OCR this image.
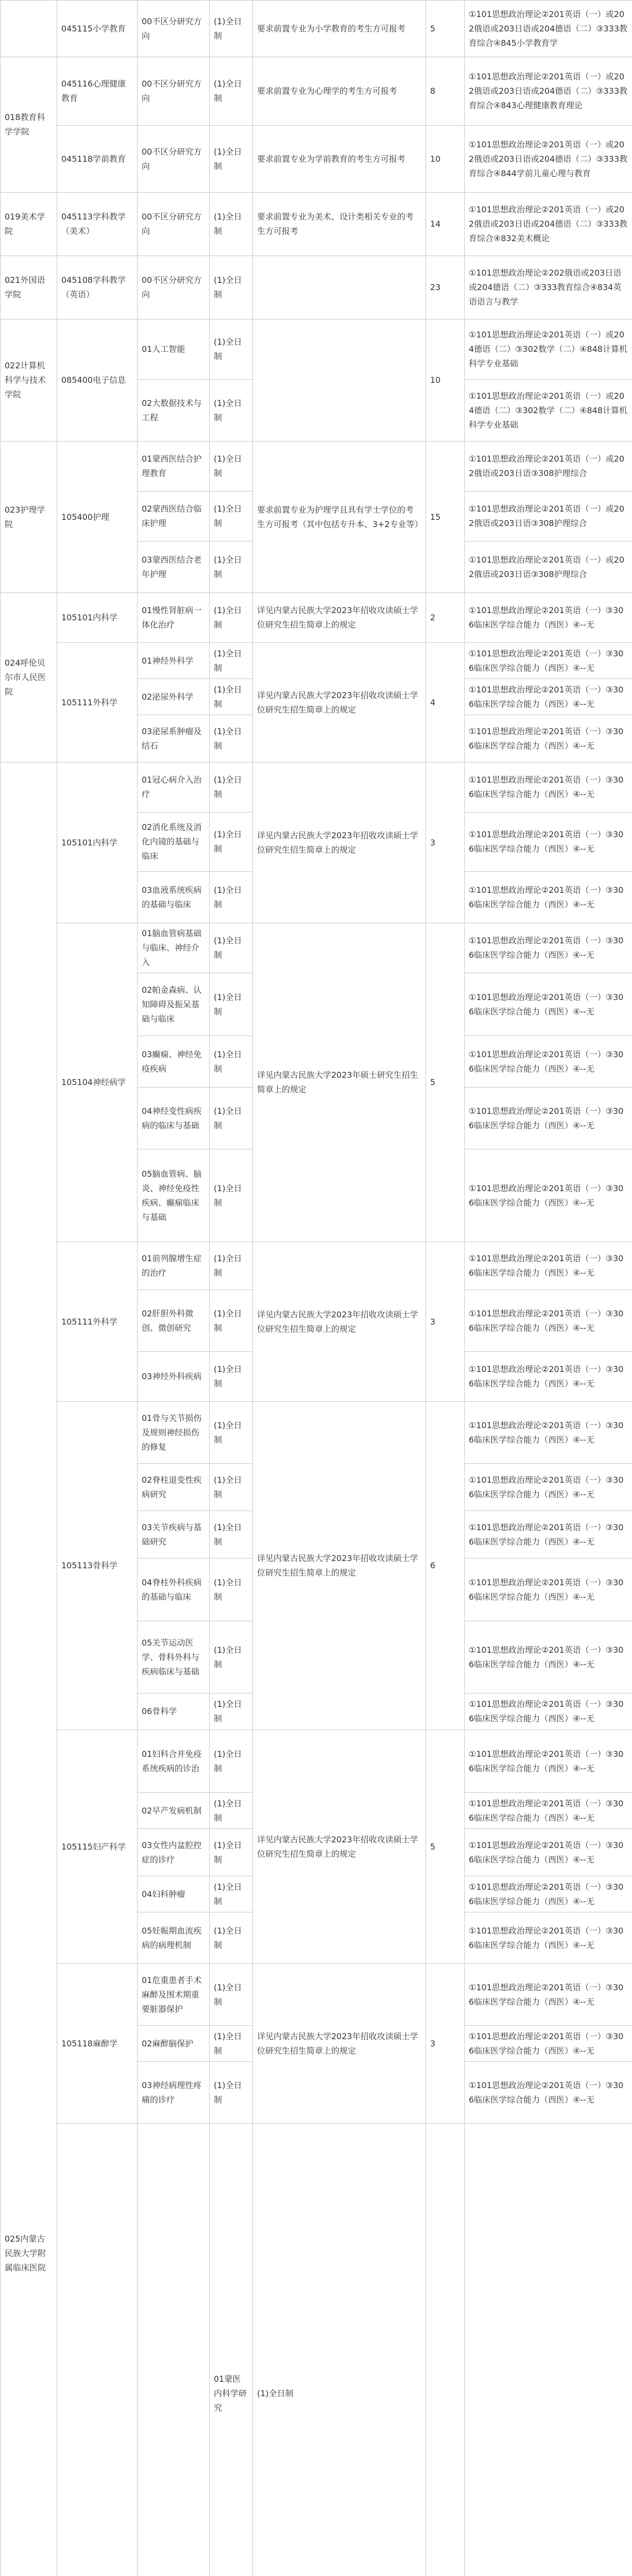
	045115小学教育	00不区分研究方向	(1)全日制	要求前置专业为小学教育的考生方可报考	5	①101思想政治理论②201英语（一）或202俄语或203日语或204德语（二）③333教育综合④845小学教育学	
018教育科学学院	045116心理健康教育	00不区分研究方向	(1)全日制	要求前置专业为心理学的考生方可报考	8	①101思想政治理论②201英语（一）或202俄语或203日语或204德语（二）③333教育综合④843心理健康教育理论	
	045118学前教育	00不区分研究方向	(1)全日制	要求前置专业为学前教育的考生方可报考	10	①101思想政治理论②201英语（一）或202俄语或203日语或204德语（二）③333教育综合④844学前儿童心理与教育	
019美术学院	045113学科教学（美术）	00不区分研究方向	(1)全日制	要求前置专业为美术、设计类相关专业的考生方可报考	14	①101思想政治理论②201英语（一）或202俄语或203日语或204德语（二）③333教育综合④832美术概论	
021外国语学院	045108学科教学（英语）	00不区分研究方向	(1)全日制		23	①101思想政治理论②202俄语或203日语或204德语（二）③333教育综合④834英语语言与教学	
022计算机科学与技术学院	085400电子信息	01人工智能	(1)全日制		10	①101思想政治理论②201英语（一）或204德语（二）③302数学（二）④848计算机科学专业基础	
		02大数据技术与工程	(1)全日制			①101思想政治理论②201英语（一）或204德语（二）③302数学（二）④848计算机科学专业基础	
023护理学院	105400护理	01蒙西医结合护理教育	(1)全日制	要求前置专业为护理学且具有学士学位的考生方可报考（其中包括专升本、3+2专业等）	15	①101思想政治理论②201英语（一）或202俄语或203日语③308护理综合	
		02蒙西医结合临床护理	(1)全日制			①101思想政治理论②201英语（一）或202俄语或203日语③308护理综合	
		03蒙西医结合老年护理	(1)全日制			①101思想政治理论②201英语（一）或202俄语或203日语③308护理综合	
024呼伦贝尔市人民医院	105101内科学	01慢性肾脏病一体化治疗	(1)全日制	详见内蒙古民族大学2023年招收攻读硕士学位研究生招生简章上的规定	2	①101思想政治理论②201英语（一）③306临床医学综合能力（西医）④--无	
	105111外科学	01神经外科学	(1)全日制	详见内蒙古民族大学2023年招收攻读硕士学位研究生招生简章上的规定	4	①101思想政治理论②201英语（一）③306临床医学综合能力（西医）④--无	
		02泌尿外科学	(1)全日制			①101思想政治理论②201英语（一）③306临床医学综合能力（西医）④--无	
		03泌尿系肿瘤及结石	(1)全日制			①101思想政治理论②201英语（一）③306临床医学综合能力（西医）④--无	
025内蒙古民族大学附属临床医院	105101内科学	01冠心病介入治疗	(1)全日制	详见内蒙古民族大学2023年招收攻读硕士学位研究生招生简章上的规定	3	①101思想政治理论②201英语（一）③306临床医学综合能力（西医）④--无	
		02消化系统及消化内镜的基础与临床	(1)全日制			①101思想政治理论②201英语（一）③306临床医学综合能力（西医）④--无	
		03血液系统疾病的基础与临床	(1)全日制			①101思想政治理论②201英语（一）③306临床医学综合能力（西医）④--无	
	105104神经病学	01脑血管病基础与临床、神经介入	(1)全日制	详见内蒙古民族大学2023年硕士研究生招生简章上的规定	5	①101思想政治理论②201英语（一）③306临床医学综合能力（西医）④--无	
		02帕金森病、认知障碍及振呆基础与临床	(1)全日制			①101思想政治理论②201英语（一）③306临床医学综合能力（西医）④--无	
		03癫痫、神经免疫疾病	(1)全日制			①101思想政治理论②201英语（一）③306临床医学综合能力（西医）④--无	
		04神经变性病疾病的临床与基础	(1)全日制			①101思想政治理论②201英语（一）③306临床医学综合能力（西医）④--无	
		05脑血管病、脑炎、神经免疫性疾病、癫痫临床与基础	(1)全日制			①101思想政治理论②201英语（一）③306临床医学综合能力（西医）④--无	
	105111外科学	01前列腺增生症的治疗	(1)全日制	详见内蒙古民族大学2023年招收攻读硕士学位研究生招生简章上的规定	3	①101思想政治理论②201英语（一）③306临床医学综合能力（西医）④--无	
		02肝胆外科微创、微创研究	(1)全日制			①101思想政治理论②201英语（一）③306临床医学综合能力（西医）④--无	
		03神经外科疾病	(1)全日制			①101思想政治理论②201英语（一）③306临床医学综合能力（西医）④--无	
	105113骨科学	01骨与关节损伤及规则神经损伤的修复	(1)全日制	详见内蒙古民族大学2023年招收攻读硕士学位研究生招生简章上的规定	6	①101思想政治理论②201英语（一）③306临床医学综合能力（西医）④--无	
		02脊柱退变性疾病研究	(1)全日制			①101思想政治理论②201英语（一）③306临床医学综合能力（西医）④--无	
		03关节疾病与基础研究	(1)全日制			①101思想政治理论②201英语（一）③306临床医学综合能力（西医）④--无	
		04脊柱外科疾病的基础与临床	(1)全日制			①101思想政治理论②201英语（一）③306临床医学综合能力（西医）④--无	
		05关节运动医学、骨科外科与疾病临床与基础	(1)全日制			①101思想政治理论②201英语（一）③306临床医学综合能力（西医）④--无	
		06骨科学	(1)全日制			①101思想政治理论②201英语（一）③306临床医学综合能力（西医）④--无	
	105115妇产科学	01妇科合并免疫系统疾病的诊治	(1)全日制	详见内蒙古民族大学2023年招收攻读硕士学位研究生招生简章上的规定	5	①101思想政治理论②201英语（一）③306临床医学综合能力（西医）④--无	
		02早产发病机制	(1)全日制			①101思想政治理论②201英语（一）③306临床医学综合能力（西医）④--无	
		03女性内盆腔控症的诊疗	(1)全日制			①101思想政治理论②201英语（一）③306临床医学综合能力（西医）④--无	
		04妇科肿瘤	(1)全日制			①101思想政治理论②201英语（一）③306临床医学综合能力（西医）④--无	
		05妊娠期血流疾病的病理机制	(1)全日制			①101思想政治理论②201英语（一）③306临床医学综合能力（西医）④--无	
	105118麻醉学	01危重患者手术麻醉及围术期重要脏器保护	(1)全日制	详见内蒙古民族大学2023年招收攻读硕士学位研究生招生简章上的规定	3	①101思想政治理论②201英语（一）③306临床医学综合能力（西医）④--无	
		02麻醉脑保护	(1)全日制			①101思想政治理论②201英语（一）③306临床医学综合能力（西医）④--无	
		03神经病理性疼痛的诊疗	(1)全日制			①101思想政治理论②201英语（一）③306临床医学综合能力（西医）④--无	
		01蒙医内科学研究	(1)全日制			
